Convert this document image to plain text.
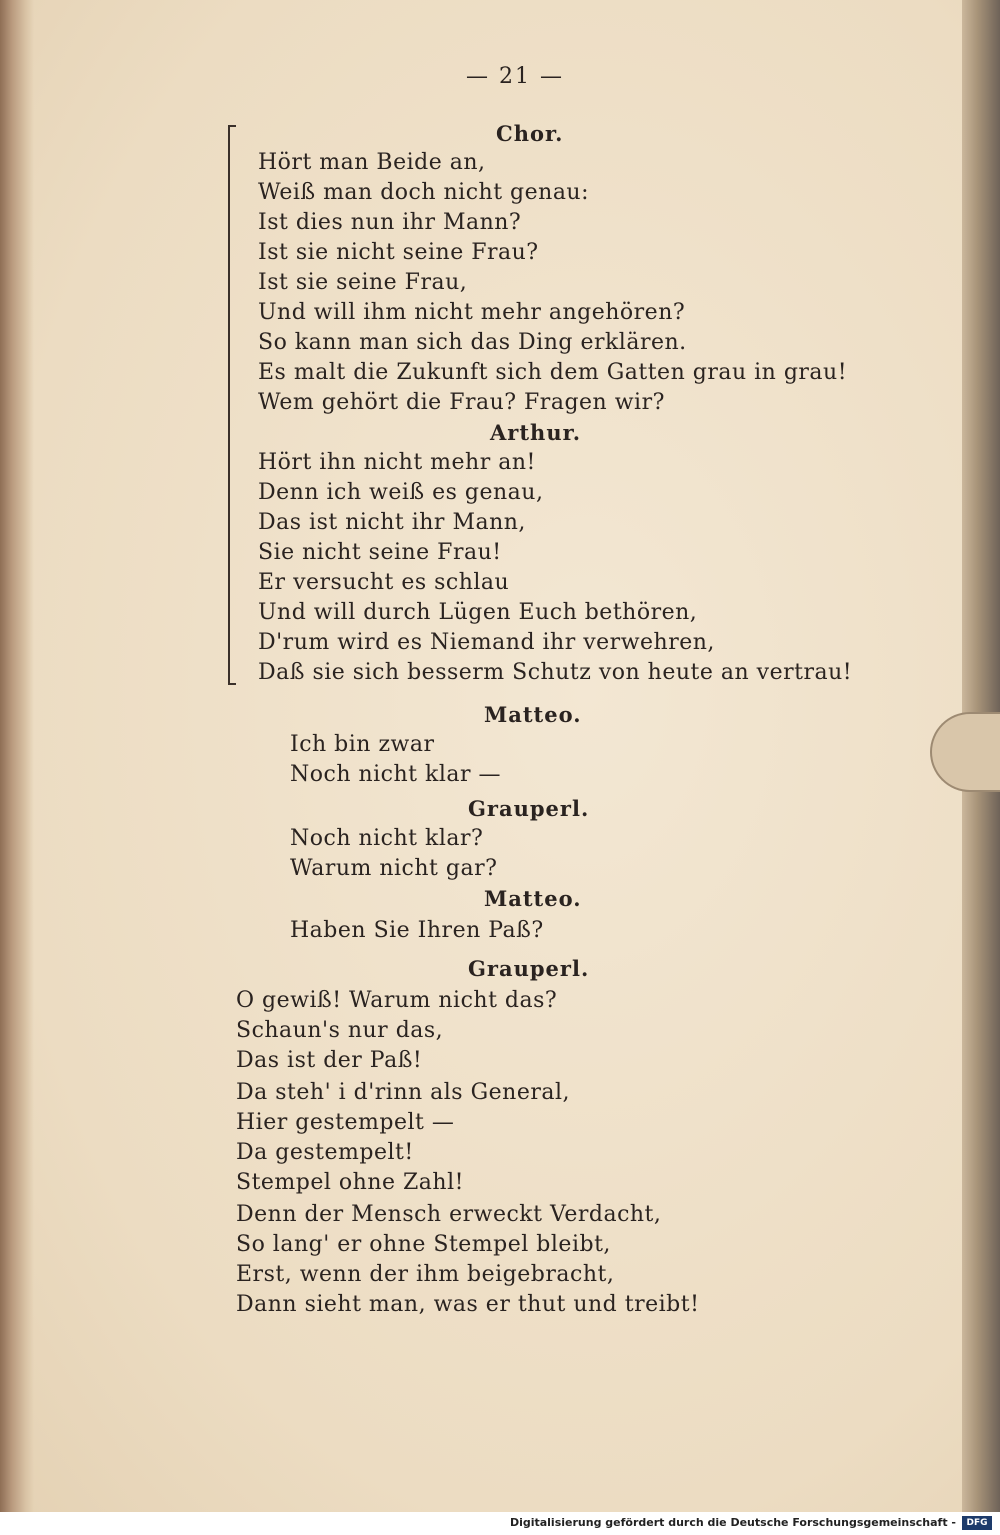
— 21 —
Chor.
Hört man Beide an,
Weiß man doch nicht genau:
Ist dies nun ihr Mann?
Ist sie nicht seine Frau?
Ist sie seine Frau,
Und will ihm nicht mehr angehören?
So kann man sich das Ding erklären.
Es malt die Zukunft sich dem Gatten grau in grau!
Wem gehört die Frau? Fragen wir?
Arthur.
Hört ihn nicht mehr an!
Denn ich weiß es genau,
Das ist nicht ihr Mann,
Sie nicht seine Frau!
Er versucht es schlau
Und will durch Lügen Euch bethören,
D'rum wird es Niemand ihr verwehren,
Daß sie sich besserm Schutz von heute an vertrau!
Matteo.
Ich bin zwar
Noch nicht klar —
Grauperl.
Noch nicht klar?
Warum nicht gar?
Matteo.
Haben Sie Ihren Paß?
Grauperl.
O gewiß! Warum nicht das?
Schaun's nur das,
Das ist der Paß!
Da steh' i d'rinn als General,
Hier gestempelt —
Da gestempelt!
Stempel ohne Zahl!
Denn der Mensch erweckt Verdacht,
So lang' er ohne Stempel bleibt,
Erst, wenn der ihm beigebracht,
Dann sieht man, was er thut und treibt!
Digitalisierung gefördert durch die Deutsche Forschungsgemeinschaft -	DFG
